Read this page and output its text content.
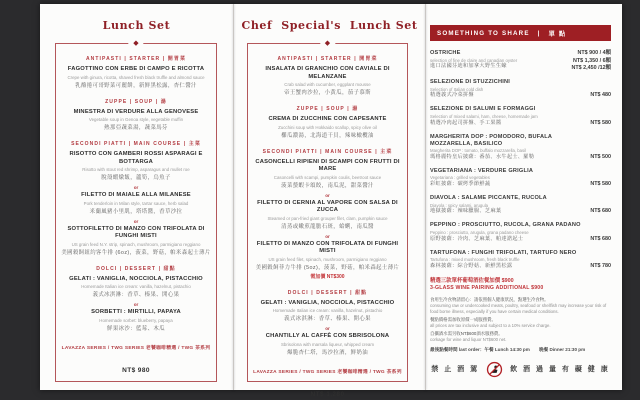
Lunch Set
◆ ANTIPASTI | STARTER | 開胃菜
FAGOTTINO CON ERBE DI CAMPO E RICOTTA
Crepe with ginura, ricotta, shaved fresh black truffle and almond sauce
乳酪捲可哥野菜可麗餅，新鮮黑松露，杏仁醬汁
ZUPPE | SOUP | 湯
MINESTRA DI VERDURE ALLA GENOVESE
Vegetable soup in Genoa style, vegetable muffin
熱那亞蔬菜湯，蔬菜馬芬
SECONDI PIATTI | MAIN COURSE | 主菜
RISOTTO CON GAMBERI ROSSI ASPARAGI E BOTTARGA
Risotto with stout red shrimp, asparagus and mullet roe
脫殼蝦燉飯，蘆筍，烏魚子
or
FILETTO DI MAIALE ALLA MILANESE
Pork tenderloin in Milan style, tartar sauce, herb salad
米蘭風豬小里肌，塔塔醬，香草沙拉
or
SOTTOFILETTO DI MANZO CON TRIFOLATA DI FUNGHI MISTI
US grain feed N.Y. strip, spinach, mushroom, parmigiano reggiano
美國穀飼紐約客牛排 (6oz)，菠菜，野菇，帕米森起士薄片
DOLCI | DESSERT | 甜點
GELATI : VANIGLIA, NOCCIOLA, PISTACCHIO
Homemade Italian ice cream: vanilla, hazelnut, pistachio
義式冰淇淋：香草、榛果、開心果
or
SORBETTI : MIRTILLI, PAPAYA
Homemade sorbet: blueberry, papaya
鮮果冰沙：藍莓、木瓜
LAVAZZA SERIES / TWG SERIES 老饕咖啡精選 / TWG 茶系列
NT$ 980
Chef  Special's  Lunch Set
◆ ANTIPASTI | STARTER | 開胃菜
INSALATA DI GRANCHIO CON CAVIALE DI MELANZANE
Crab salad with cucumber, eggplant mousse
帝王蟹肉沙拉，小黃瓜，茄子慕斯
ZUPPE | SOUP | 湯
CREMA DI ZUCCHINE CON CAPESANTE
Zucchini soup with Hokkaido scallop, spicy olive oil
櫛瓜濃湯，北海道干貝，辣味橄欖油
SECONDI PIATTI | MAIN COURSE | 主菜
CASONCELLI RIPIENI DI SCAMPI CON FRUTTI DI MARE
Casoncelli with scampi, pumpkin coulis, beetroot sauce
菠菜螯蝦卡頌餃，南瓜泥，甜菜醬汁
or
FILETTO DI CERNIA AL VAPORE CON SALSA DI ZUCCA
Steamed or pan-fried giant grouper filet, clam, pumpkin sauce
清蒸或嫩煎龍膽石斑，蛤蜊，南瓜醬
or
FILETTO DI MANZO CON TRIFOLATA DI FUNGHI MISTI
US grain feed filet, spinach, mushroom, parmigiano reggiano
美國穀飼菲力牛排 (5oz)，菠菜，野菇，帕米森起士薄片
需加價 NT$300
DOLCI | DESSERT | 甜點
GELATI : VANIGLIA, NOCCIOLA, PISTACCHIO
Homemade Italian ice cream: vanilla, hazelnut, pistachio
義式冰淇淋：香草、榛果、開心果
or
CHANTILLY AL CAFFÈ CON SBRISOLONA
Sbrisolona with marsala liqueur, whipped cream
爆脆杏仁塔，馬沙拉酒，鮮奶油
LAVAZZA SERIES / TWG SERIES 老饕咖啡精選 / TWG 茶系列
NT$ 1,280
SOMETHING TO SHARE | 單 點
OSTRICHE
selection of fine de claire and canadian oyster
進口法國芬迪和加拿大野生生蠔
NT$ 900 / 4顆
NT$ 1,350 / 6顆
NT$ 2,450 /12顆
SELEZIONE DI STUZZICHINI
Selection of Italian cold dish
精選義式冷菜拼盤	NT$ 480
SELEZIONE DI SALUMI E FORMAGGI
Selection of mixed salami, ham, cheese, homemade jam
精選冷肉起司拼盤、手工果醬	NT$ 580
MARGHERITA DOP : POMODORO, BUFALA MOZZARELLA, BASILICO
Margherita DOP : tomato, buffalo mozzarella, basil
瑪格麗特皇后披薩：番茄、水牛起士、羅勒	NT$ 500
VEGETARIANA : VERDURE GRIGLIA
Vegetariana : grilled vegetables
彩虹披薩：碳烤季節鮮蔬	NT$ 580
DIAVOLA : SALAME PICCANTE, RUCOLA
Diavola : spicy salami, arugula
地獄披薩：辣味臘腸、芝麻葉	NT$ 680
PEPPINO : PROSCIUTTO, RUCOLA, GRANA PADANO
Peppino : prosciutto, arugula, grana padano cheese
原野披薩：冷肉、芝麻葉、帕達諾起士	NT$ 680
TARTUFONA : FUNGHI TRIFOLATI, TARTUFO NERO
Tartufona : mixed mushroom, fresh black truffle
森林披薩：綜合野菇、新鮮黑松露	NT$ 780
精選三款單杯葡萄酒佐餐加價 $900
3-GLASS WINE PAIRING ADDITIONAL $900
食用生冷食物請留心：請依照個人健康狀況，點選生冷食物。
consuming raw or undercooked meats, poultry, seafood or shellfish may increase your risk of food borne illness, especially if you have certain medical conditions.
餐點價格需加收原價一成服務費。
all prices are tax inclusive and subject to a 10% service charge.
自攜酒水需另收NT$600酒水服務費。
corkage for wine and liquor NT$600 net.
最後點餐時間 last order：午餐 Lunch 14:30 pm　　晚餐 Dinner 21:30 pm
禁 止 酒 駕	飲 酒 過 量 有 礙 健 康
